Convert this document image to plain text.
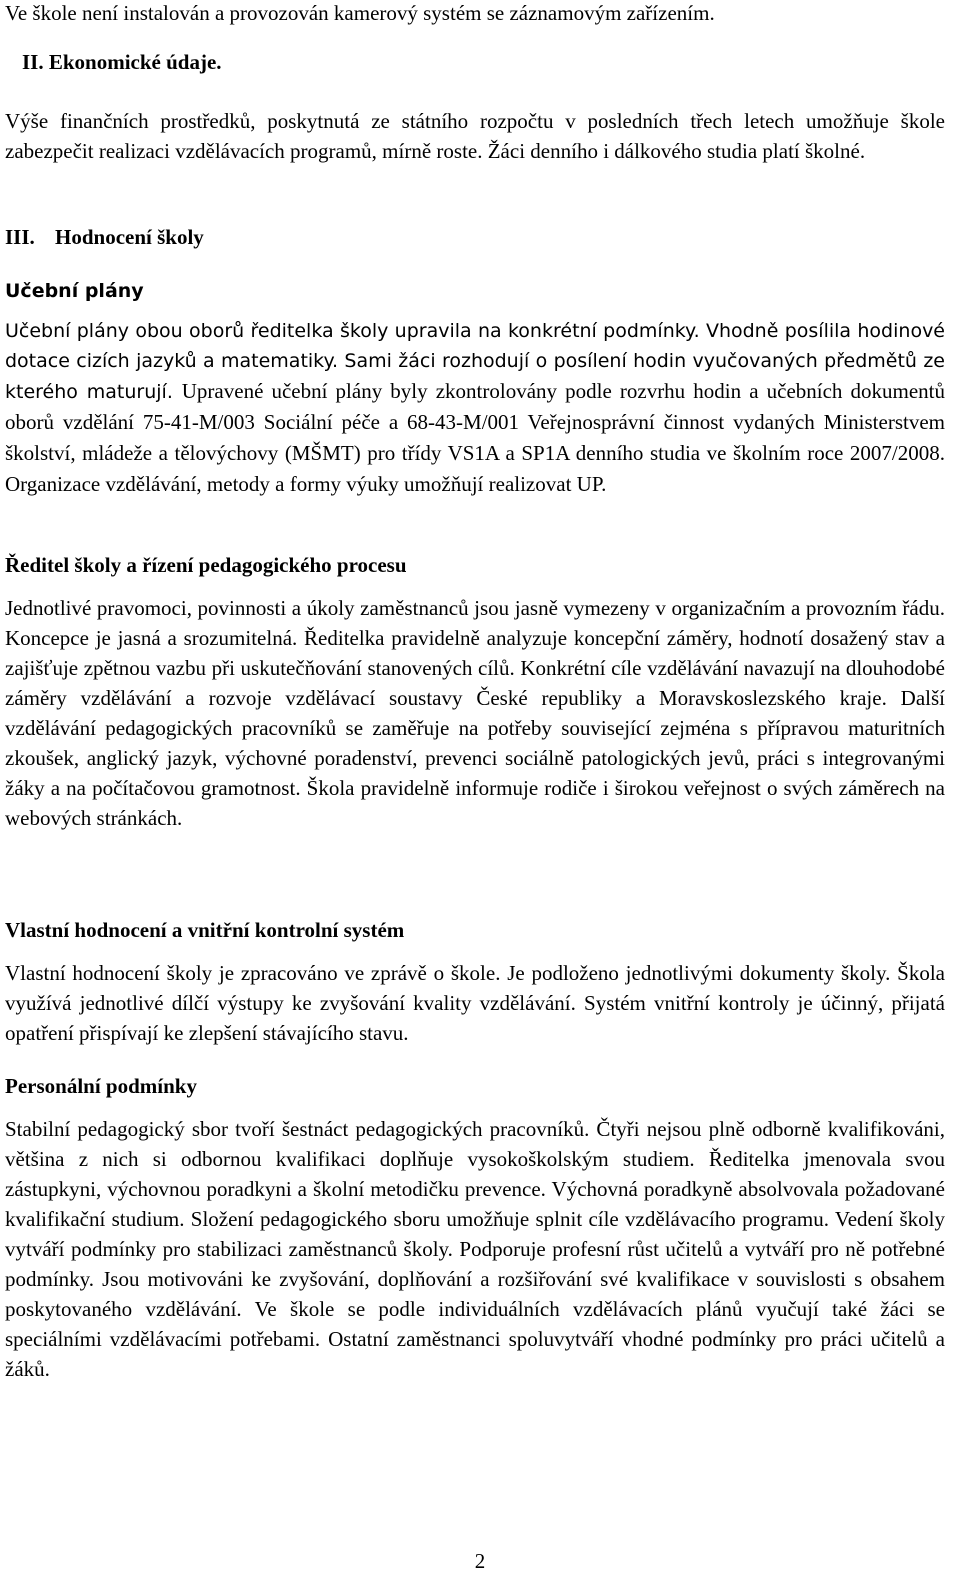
Ve škole není instalován a provozován kamerový systém se záznamovým zařízením.

II. Ekonomické údaje.

Výše finančních prostředků, poskytnutá ze státního rozpočtu v posledních třech letech umožňuje škole zabezpečit realizaci vzdělávacích programů, mírně roste. Žáci denního i dálkového studia platí školné.

III. Hodnocení školy

Učební plány

Učební plány obou oborů ředitelka školy upravila na konkrétní podmínky. Vhodně posílila hodinové dotace cizích jazyků a matematiky. Sami žáci rozhodují o posílení hodin vyučovaných předmětů ze kterého maturují. Upravené učební plány byly zkontrolovány podle rozvrhu hodin a učebních dokumentů oborů vzdělání 75-41-M/003 Sociální péče a 68-43-M/001 Veřejnosprávní činnost vydaných Ministerstvem školství, mládeže a tělovýchovy (MŠMT) pro třídy VS1A a SP1A denního studia ve školním roce 2007/2008. Organizace vzdělávání, metody a formy výuky umožňují realizovat UP.

Ředitel školy a řízení pedagogického procesu

Jednotlivé pravomoci, povinnosti a úkoly zaměstnanců jsou jasně vymezeny v organizačním a provozním řádu. Koncepce je jasná a srozumitelná. Ředitelka pravidelně analyzuje koncepční záměry, hodnotí dosažený stav a zajišťuje zpětnou vazbu při uskutečňování stanovených cílů. Konkrétní cíle vzdělávání navazují na dlouhodobé záměry vzdělávání a rozvoje vzdělávací soustavy České republiky a Moravskoslezského kraje. Další vzdělávání pedagogických pracovníků se zaměřuje na potřeby související zejména s přípravou maturitních zkoušek, anglický jazyk, výchovné poradenství, prevenci sociálně patologických jevů, práci s integrovanými žáky a na počítačovou gramotnost. Škola pravidelně informuje rodiče i širokou veřejnost o svých záměrech na webových stránkách.

Vlastní hodnocení a vnitřní kontrolní systém

Vlastní hodnocení školy je zpracováno ve zprávě o škole. Je podloženo jednotlivými dokumenty školy. Škola využívá jednotlivé dílčí výstupy ke zvyšování kvality vzdělávání. Systém vnitřní kontroly je účinný, přijatá opatření přispívají ke zlepšení stávajícího stavu.

Personální podmínky

Stabilní pedagogický sbor tvoří šestnáct pedagogických pracovníků. Čtyři nejsou plně odborně kvalifikováni, většina z nich si odbornou kvalifikaci doplňuje vysokoškolským studiem. Ředitelka jmenovala svou zástupkyni, výchovnou poradkyni a školní metodičku prevence. Výchovná poradkyně absolvovala požadované kvalifikační studium. Složení pedagogického sboru umožňuje splnit cíle vzdělávacího programu. Vedení školy vytváří podmínky pro stabilizaci zaměstnanců školy. Podporuje profesní růst učitelů a vytváří pro ně potřebné podmínky. Jsou motivováni ke zvyšování, doplňování a rozšiřování své kvalifikace v souvislosti s obsahem poskytovaného vzdělávání. Ve škole se podle individuálních vzdělávacích plánů vyučují také žáci se speciálními vzdělávacími potřebami. Ostatní zaměstnanci spoluvytváří vhodné podmínky pro práci učitelů a žáků.

2
